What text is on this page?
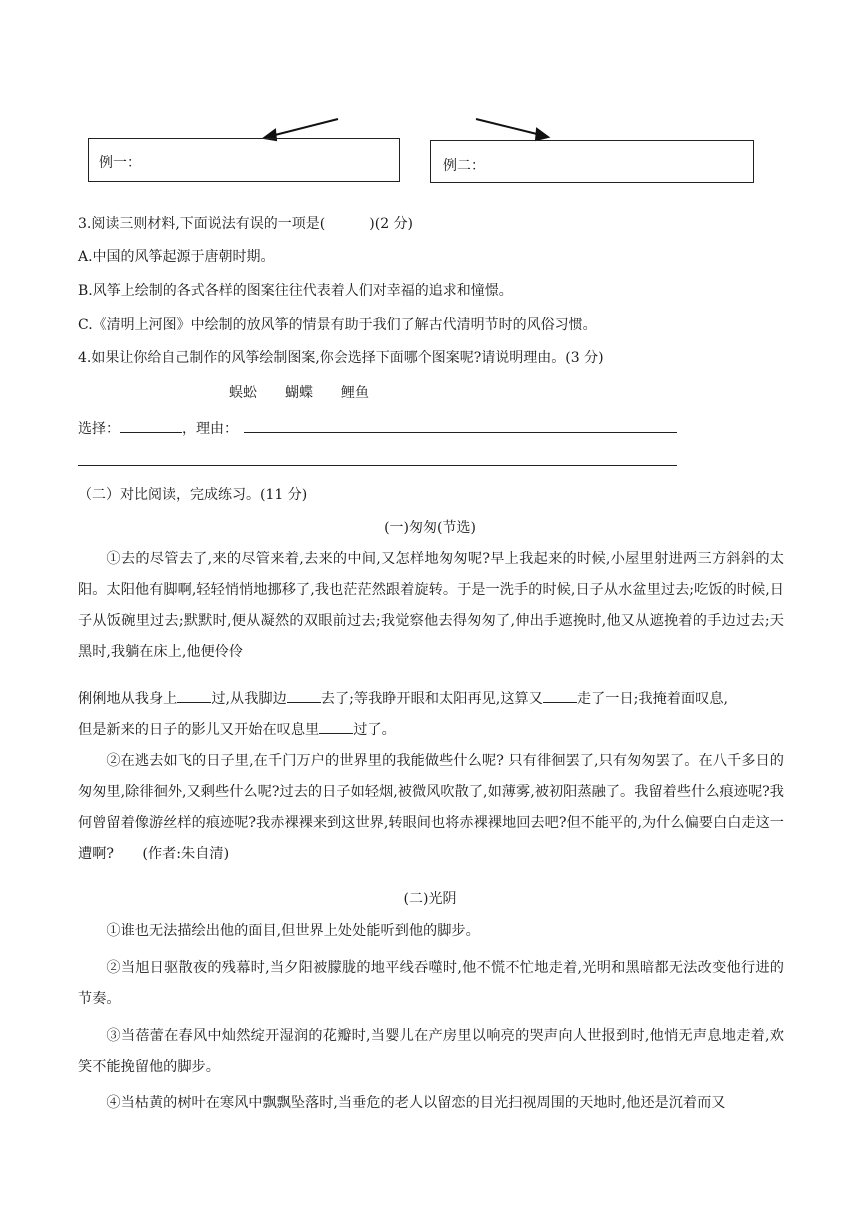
例一：	例二：
3.阅读三则材料,下面说法有误的一项是(	)(2 分)
A.中国的风筝起源于唐朝时期。
B.风筝上绘制的各式各样的图案往往代表着人们对幸福的追求和憧憬。
C.《清明上河图》中绘制的放风筝的情景有助于我们了解古代清明节时的风俗习惯。
4.如果让你给自己制作的风筝绘制图案,你会选择下面哪个图案呢?请说明理由。(3 分)
蜈蚣 蝴蝶 鲤鱼
选择：	，理由：
（二）对比阅读，完成练习。(11 分)
(一)匆匆(节选)
①去的尽管去了,来的尽管来着,去来的中间,又怎样地匆匆呢?早上我起来的时候,小屋里射进两三方斜斜的太阳。太阳他有脚啊,轻轻悄悄地挪移了,我也茫茫然跟着旋转。于是一洗手的时候,日子从水盆里过去;吃饭的时候,日子从饭碗里过去;默默时,便从凝然的双眼前过去;我觉察他去得匆匆了,伸出手遮挽时,他又从遮挽着的手边过去;天黑时,我躺在床上,他便伶伶
俐俐地从我身上 过,从我脚边 去了;等我睁开眼和太阳再见,这算又 走了一日;我掩着面叹息,
但是新来的日子的影儿又开始在叹息里 过了。
②在逃去如飞的日子里,在千门万户的世界里的我能做些什么呢? 只有徘徊罢了,只有匆匆罢了。在八千多日的匆匆里,除徘徊外,又剩些什么呢?过去的日子如轻烟,被微风吹散了,如薄雾,被初阳蒸融了。我留着些什么痕迹呢?我何曾留着像游丝样的痕迹呢?我赤裸裸来到这世界,转眼间也将赤裸裸地回去吧?但不能平的,为什么偏要白白走这一遭啊?　　(作者:朱自清)
(二)光阴
①谁也无法描绘出他的面目,但世界上处处能听到他的脚步。
②当旭日驱散夜的残幕时,当夕阳被朦胧的地平线吞噬时,他不慌不忙地走着,光明和黑暗都无法改变他行进的节奏。
③当蓓蕾在春风中灿然绽开湿润的花瓣时,当婴儿在产房里以响亮的哭声向人世报到时,他悄无声息地走着,欢笑不能挽留他的脚步。
④当枯黄的树叶在寒风中飘飘坠落时,当垂危的老人以留恋的目光扫视周围的天地时,他还是沉着而又
